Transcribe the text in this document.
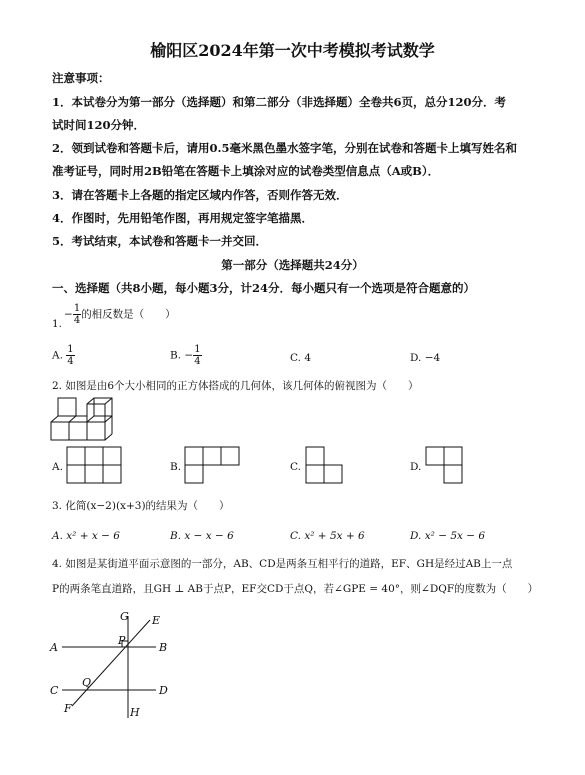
榆阳区2024年第一次中考模拟考试数学
注意事项：
1．本试卷分为第一部分（选择题）和第二部分（非选择题）全卷共6页，总分120分．考
试时间120分钟．
2．领到试卷和答题卡后，请用0.5毫米黑色墨水签字笔，分别在试卷和答题卡上填写姓名和
准考证号，同时用2B铅笔在答题卡上填涂对应的试卷类型信息点（A或B）．
3．请在答题卡上各题的指定区域内作答，否则作答无效．
4．作图时，先用铅笔作图，再用规定签字笔描黑．
5．考试结束，本试卷和答题卡一并交回．
第一部分（选择题共24分）
一、选择题（共8小题，每小题3分，计24分．每小题只有一个选项是符合题意的）
1.
− $\frac{1}{4}$ 的相反数是（　　）
A. $\frac{1}{4}$	B. − $\frac{1}{4}$	C. 4	D. −4
2. 如图是由6个大小相同的正方体搭成的几何体，该几何体的俯视图为（　　）
A.	B.	C.	D.
3. 化简(x−2)(x+3)的结果为（　　）
A. x² + x − 6	B. x − x − 6	C. x² + 5x + 6	D. x² − 5x − 6
4. 如图是某街道平面示意图的一部分，AB、CD是两条互相平行的道路，EF、GH是经过AB上一点
P的两条笔直道路，且GH ⊥ AB于点P，EF交CD于点Q，若∠GPE = 40°，则∠DQF的度数为（　　）
G E
P
A	B
Q
C	D
F	H
